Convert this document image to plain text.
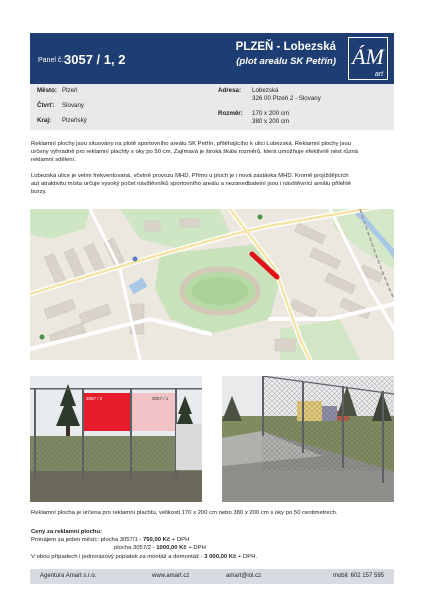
Panel č.:
3057 / 1, 2
PLZEŇ - Lobezská
(plot areálu SK Petřín) ÁM
art
Město: Plzeň
Čtvrť: Slovany
Kraj: Plzeňský
Adresa: Lobezská
326 00 Plzeň 2 - Slovany
Rozměr: 170 x 200 cm
380 x 200 cm
Reklamní plochy jsou situovány na plotě sportovního areálu SK Petřín, přiléhajícího k ulici Lobezská. Reklamní plochy jsou
určeny výhradně pro reklamní plachty s oky po 50 cm. Zajímavá je široká škála rozměrů, která umožňuje efektivně nést různá
reklamní sdělení.
Lobezská ulice je velmi frekventovaná, včetně provozu MHD. Přímo u ploch je i nová zastávka MHD. Kromě projíždějících
aut atraktivitu místa určuje vysoký počet návštěvníků sportovního areálu a nezanedbatelní jsou i návštěvníci areálu přilehlé
burzy.
3057 / 2	3057 / 1
Reklamní plocha je určena pro reklamní plachtu, velikosti 170 x 200 cm nebo 380 x 200 cm s oky po 50 centimetrech.
Ceny za reklamní plochu:
Pronájem za jeden měsíc: plocha 3057/1 - 750,00 Kč + DPH
plocha 3057/2 - 1000,00 Kč + DPH
V obou případech i jednorázový poplatek za montáž a demontáž - 3 000,00 Kč + DPH.
Agentura Amart s.r.o.	www.amart.cz	amart@iol.cz	mobil: 602 157 595
